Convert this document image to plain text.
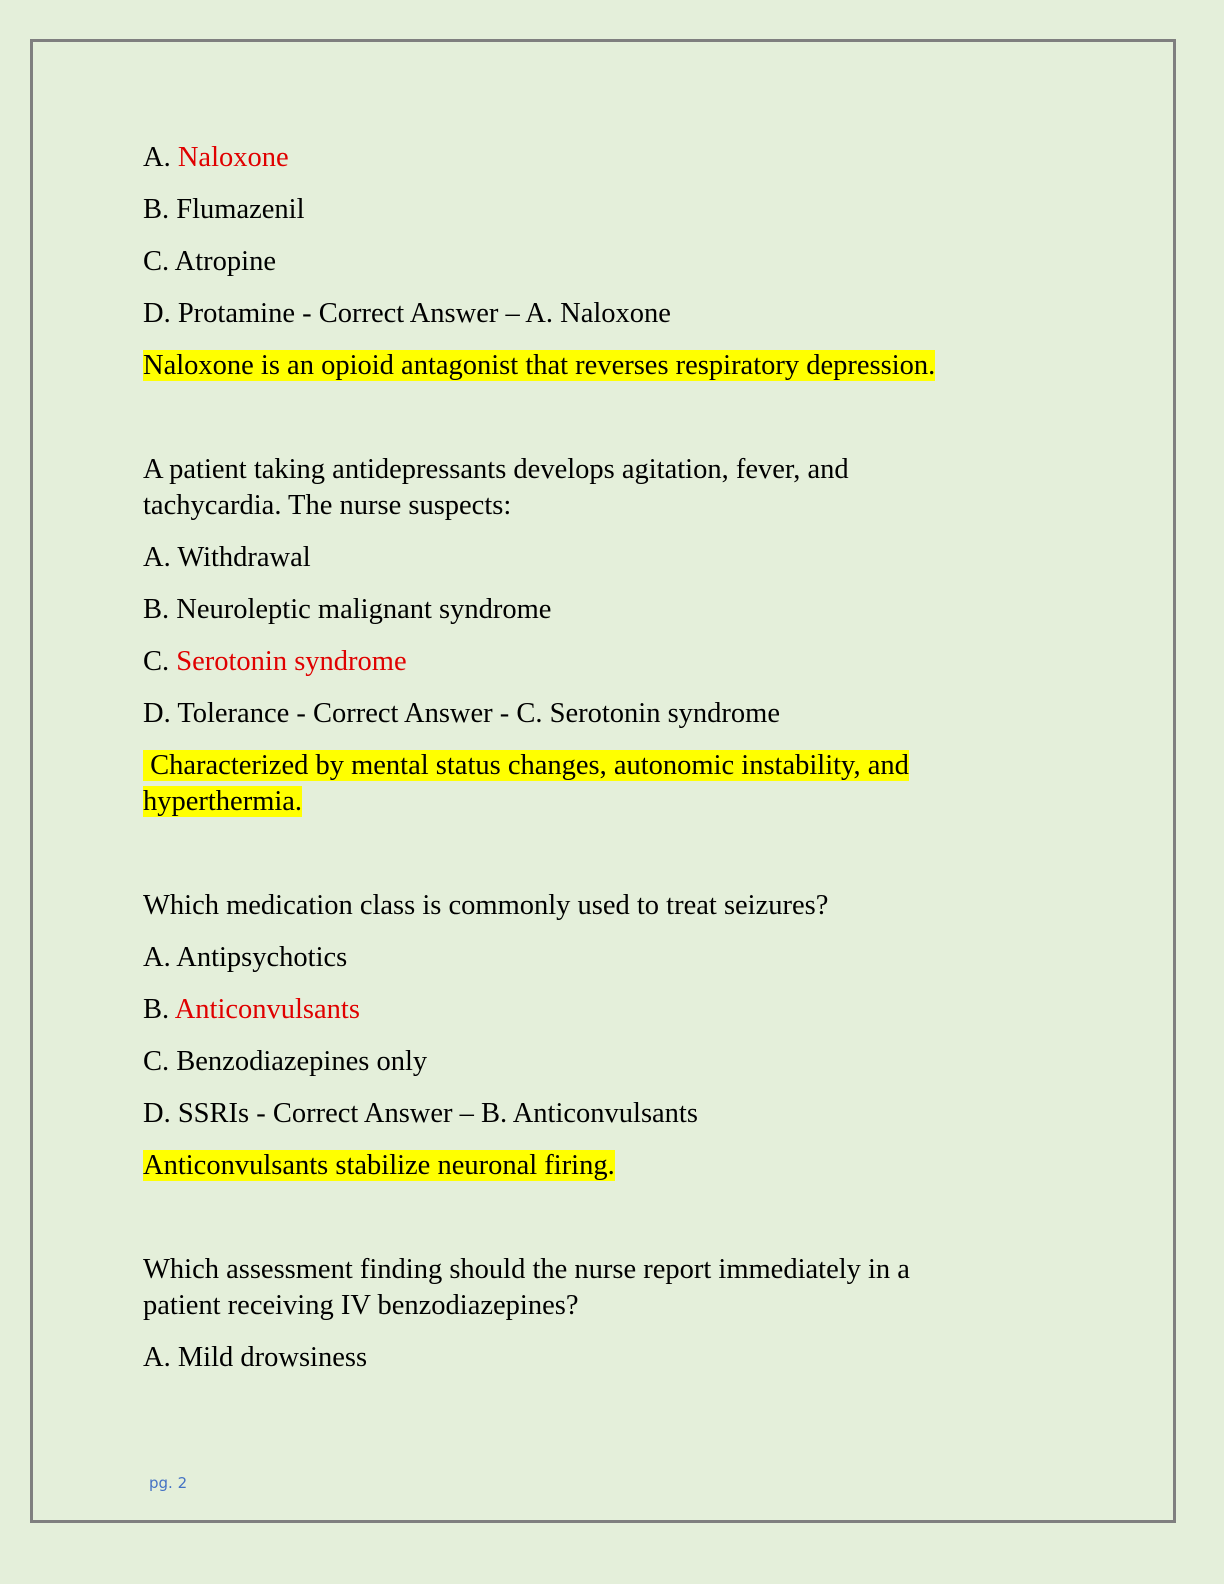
A. Naloxone
B. Flumazenil
C. Atropine
D. Protamine - Correct Answer – A. Naloxone
Naloxone is an opioid antagonist that reverses respiratory depression.
A patient taking antidepressants develops agitation, fever, and
tachycardia. The nurse suspects:
A. Withdrawal
B. Neuroleptic malignant syndrome
C. Serotonin syndrome
D. Tolerance - Correct Answer - C. Serotonin syndrome
Characterized by mental status changes, autonomic instability, and
hyperthermia.
Which medication class is commonly used to treat seizures?
A. Antipsychotics
B. Anticonvulsants
C. Benzodiazepines only
D. SSRIs - Correct Answer – B. Anticonvulsants
Anticonvulsants stabilize neuronal firing.
Which assessment finding should the nurse report immediately in a
patient receiving IV benzodiazepines?
A. Mild drowsiness
pg. 2
